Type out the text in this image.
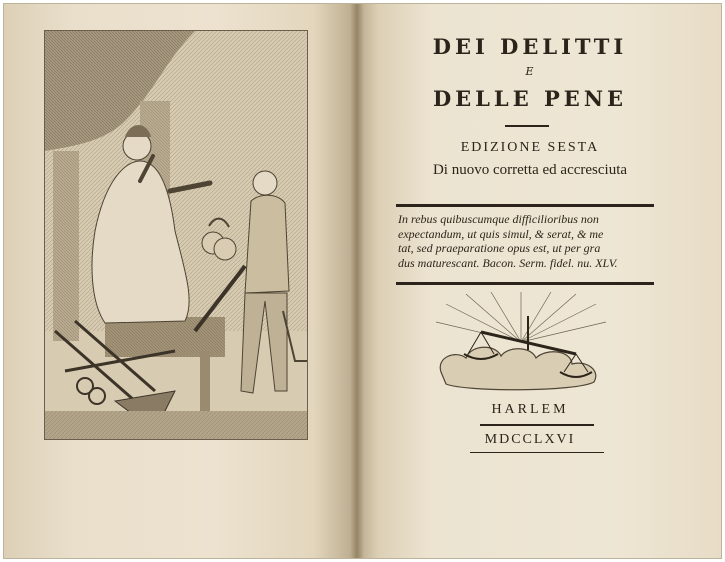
DEI DELITTI
E
DELLE PENE
EDIZIONE SESTA
Di nuovo corretta ed accresciuta
In rebus quibuscumque difficilioribus non
expectandum, ut quis simul, & serat, & me
tat, sed praeparatione opus est, ut per gra
dus maturescant. Bacon. Serm. fidel. nu. XLV.
HARLEM
MDCCLXVI
